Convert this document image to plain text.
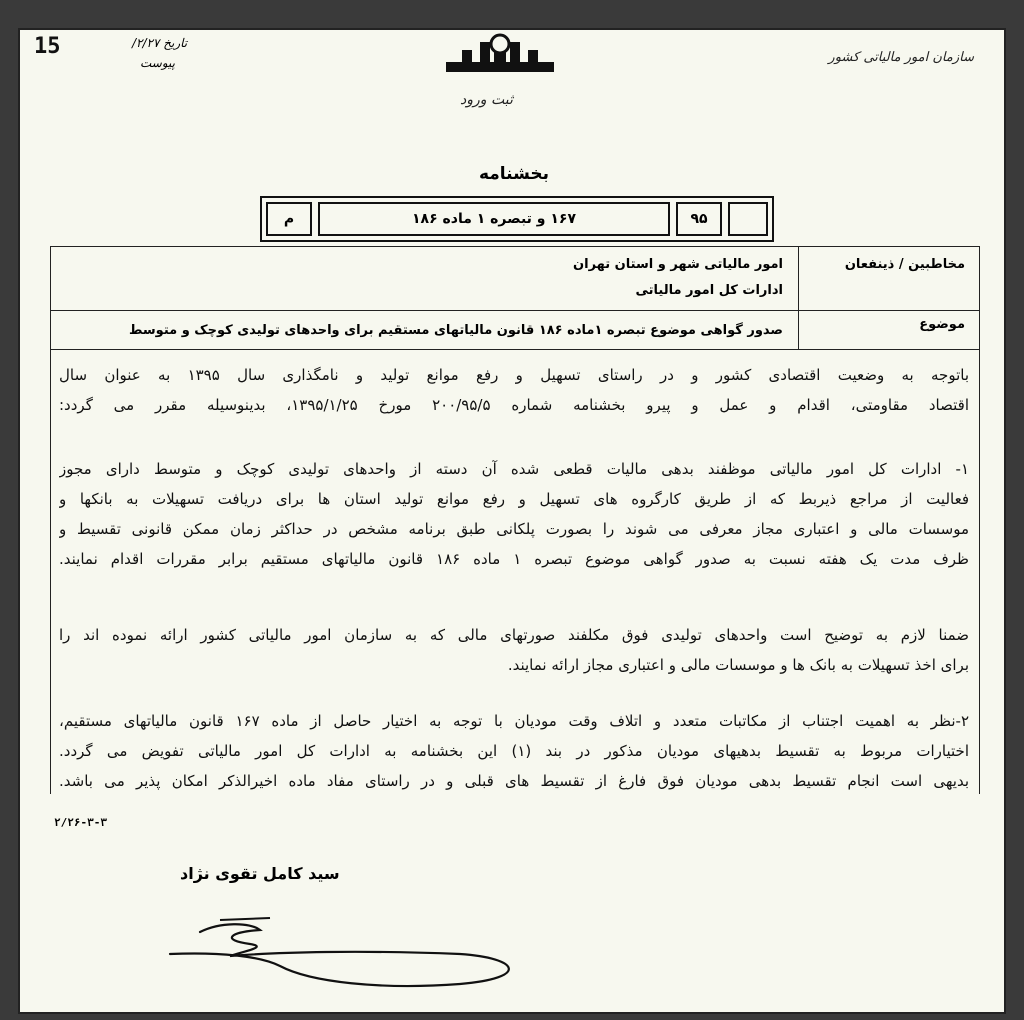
سازمان امور مالیاتی کشور
ثبت ورود
15	تاریخ ۲/۲۷/
پیوست
بخشنامه
م	۱۶۷ و تبصره ۱ ماده ۱۸۶	۹۵
مخاطبین / ذینفعان
امور مالیاتی شهر و استان تهران
ادارات کل امور مالیاتی
موضوع
صدور گواهی موضوع تبصره ۱ماده ۱۸۶ قانون مالیاتهای مستقیم برای واحدهای تولیدی کوچک و متوسط
باتوجه به وضعیت اقتصادی کشور و در راستای تسهیل و رفع موانع تولید و نامگذاری سال ۱۳۹۵ به عنوان سال
اقتصاد مقاومتی، اقدام و عمل و پیرو بخشنامه شماره ۲۰۰/۹۵/۵ مورخ ۱۳۹۵/۱/۲۵، بدینوسیله مقرر می گردد:
۱- ادارات کل امور مالیاتی موظفند بدهی مالیات قطعی شده آن دسته از واحدهای تولیدی کوچک و متوسط دارای مجوز
فعالیت از مراجع ذیربط که از طریق کارگروه های تسهیل و رفع موانع تولید استان ها برای دریافت تسهیلات به بانکها و
موسسات مالی و اعتباری مجاز معرفی می شوند را بصورت پلکانی طبق برنامه مشخص در حداکثر زمان ممکن قانونی تقسیط و
ظرف مدت یک هفته نسبت به صدور گواهی موضوع تبصره ۱ ماده ۱۸۶ قانون مالیاتهای مستقیم برابر مقررات اقدام نمایند.
ضمنا لازم به توضیح است واحدهای تولیدی فوق مکلفند صورتهای مالی که به سازمان امور مالیاتی کشور ارائه نموده اند را
برای اخذ تسهیلات به بانک ها و موسسات مالی و اعتباری مجاز ارائه نمایند.
۲-نظر به اهمیت اجتناب از مکاتبات متعدد و اتلاف وقت مودیان با توجه به اختیار حاصل از ماده ۱۶۷ قانون مالیاتهای مستقیم،
اختیارات مربوط به تقسیط بدهیهای مودیان مذکور در بند (۱) این بخشنامه به ادارات کل امور مالیاتی تفویض می گردد.
بدیهی است انجام تقسیط بدهی مودیان فوق فارغ از تقسیط های قبلی و در راستای مفاد ماده اخیرالذکر امکان پذیر می باشد.
۲/۲۶-۳-۳
سید کامل تقوی نژاد
